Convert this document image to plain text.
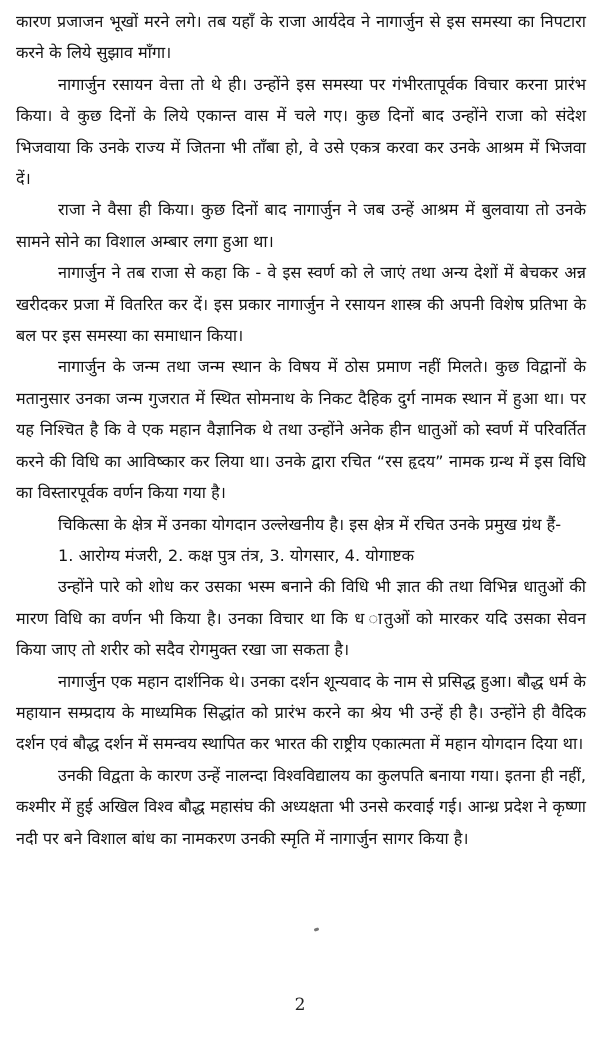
कारण प्रजाजन भूखों मरने लगे। तब यहाँ के राजा आर्यदेव ने नागार्जुन से इस समस्या का निपटारा करने के लिये सुझाव माँगा।

नागार्जुन रसायन वेत्ता तो थे ही। उन्होंने इस समस्या पर गंभीरतापूर्वक विचार करना प्रारंभ किया। वे कुछ दिनों के लिये एकान्त वास में चले गए। कुछ दिनों बाद उन्होंने राजा को संदेश भिजवाया कि उनके राज्य में जितना भी ताँबा हो, वे उसे एकत्र करवा कर उनके आश्रम में भिजवा दें।

राजा ने वैसा ही किया। कुछ दिनों बाद नागार्जुन ने जब उन्हें आश्रम में बुलवाया तो उनके सामने सोने का विशाल अम्बार लगा हुआ था।

नागार्जुन ने तब राजा से कहा कि - वे इस स्वर्ण को ले जाएं तथा अन्य देशों में बेचकर अन्न खरीदकर प्रजा में वितरित कर दें। इस प्रकार नागार्जुन ने रसायन शास्त्र की अपनी विशेष प्रतिभा के बल पर इस समस्या का समाधान किया।

नागार्जुन के जन्म तथा जन्म स्थान के विषय में ठोस प्रमाण नहीं मिलते। कुछ विद्वानों के मतानुसार उनका जन्म गुजरात में स्थित सोमनाथ के निकट दैहिक दुर्ग नामक स्थान में हुआ था। पर यह निश्चित है कि वे एक महान वैज्ञानिक थे तथा उन्होंने अनेक हीन धातुओं को स्वर्ण में परिवर्तित करने की विधि का आविष्कार कर लिया था। उनके द्वारा रचित “रस हृदय” नामक ग्रन्थ में इस विधि का विस्तारपूर्वक वर्णन किया गया है।

चिकित्सा के क्षेत्र में उनका योगदान उल्लेखनीय है। इस क्षेत्र में रचित उनके प्रमुख ग्रंथ हैं-

1. आरोग्य मंजरी, 2. कक्ष पुत्र तंत्र, 3. योगसार, 4. योगाष्टक

उन्होंने पारे को शोध कर उसका भस्म बनाने की विधि भी ज्ञात की तथा विभिन्न धातुओं की मारण विधि का वर्णन भी किया है। उनका विचार था कि ध ातुओं को मारकर यदि उसका सेवन किया जाए तो शरीर को सदैव रोगमुक्त रखा जा सकता है।

नागार्जुन एक महान दार्शनिक थे। उनका दर्शन शून्यवाद के नाम से प्रसिद्ध हुआ। बौद्ध धर्म के महायान सम्प्रदाय के माध्यमिक सिद्धांत को प्रारंभ करने का श्रेय भी उन्हें ही है। उन्होंने ही वैदिक दर्शन एवं बौद्ध दर्शन में समन्वय स्थापित कर भारत की राष्ट्रीय एकात्मता में महान योगदान दिया था।

उनकी विद्वता के कारण उन्हें नालन्दा विश्वविद्यालय का कुलपति बनाया गया। इतना ही नहीं, कश्मीर में हुई अखिल विश्व बौद्ध महासंघ की अध्यक्षता भी उनसे करवाई गई। आन्ध्र प्रदेश ने कृष्णा नदी पर बने विशाल बांध का नामकरण उनकी स्मृति में नागार्जुन सागर किया है।

2
